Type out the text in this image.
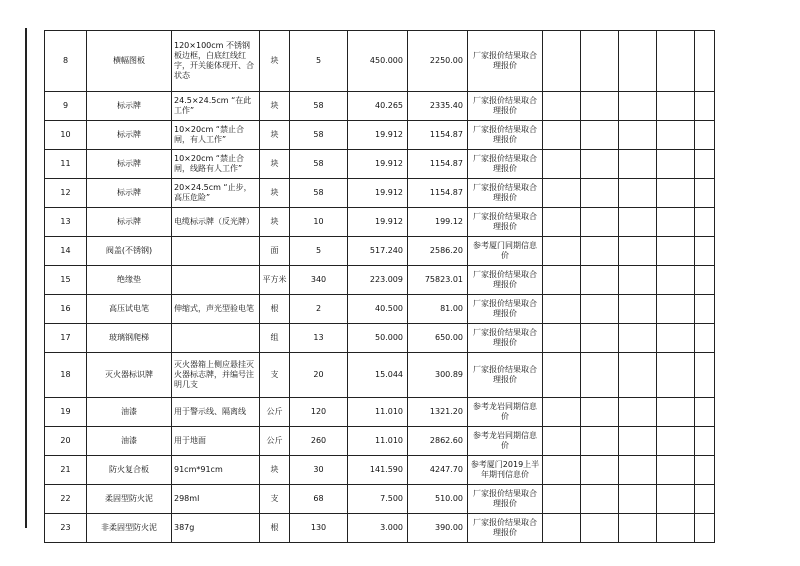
8	横幅图板	120×100cm 不锈钢板边框，白底红线红字，开关能体现开、合状态	块	5	450.000	2250.00	厂家报价结果取合理报价					
9	标示牌	24.5×24.5cm “在此工作”	块	58	40.265	2335.40	厂家报价结果取合理报价					
10	标示牌	10×20cm “禁止合闸，有人工作”	块	58	19.912	1154.87	厂家报价结果取合理报价					
11	标示牌	10×20cm “禁止合闸，线路有人工作”	块	58	19.912	1154.87	厂家报价结果取合理报价					
12	标示牌	20×24.5cm “止步，高压危险”	块	58	19.912	1154.87	厂家报价结果取合理报价					
13	标示牌	电缆标示牌（反光牌）	块	10	19.912	199.12	厂家报价结果取合理报价					
14	阀盖(不锈钢)		面	5	517.240	2586.20	参考厦门同期信息价					
15	绝缘垫		平方米	340	223.009	75823.01	厂家报价结果取合理报价					
16	高压试电笔	伸缩式，声光型验电笔	根	2	40.500	81.00	厂家报价结果取合理报价					
17	玻璃钢爬梯		组	13	50.000	650.00	厂家报价结果取合理报价					
18	灭火器标识牌	灭火器箱上侧应悬挂灭火器标志牌，并编号注明几支	支	20	15.044	300.89	厂家报价结果取合理报价					
19	油漆	用于警示线、隔离线	公斤	120	11.010	1321.20	参考龙岩同期信息价					
20	油漆	用于地面	公斤	260	11.010	2862.60	参考龙岩同期信息价					
21	防火复合板	91cm*91cm	块	30	141.590	4247.70	参考厦门2019上半年期刊信息价					
22	柔固型防火泥	298ml	支	68	7.500	510.00	厂家报价结果取合理报价					
23	非柔固型防火泥	387g	根	130	3.000	390.00	厂家报价结果取合理报价					
